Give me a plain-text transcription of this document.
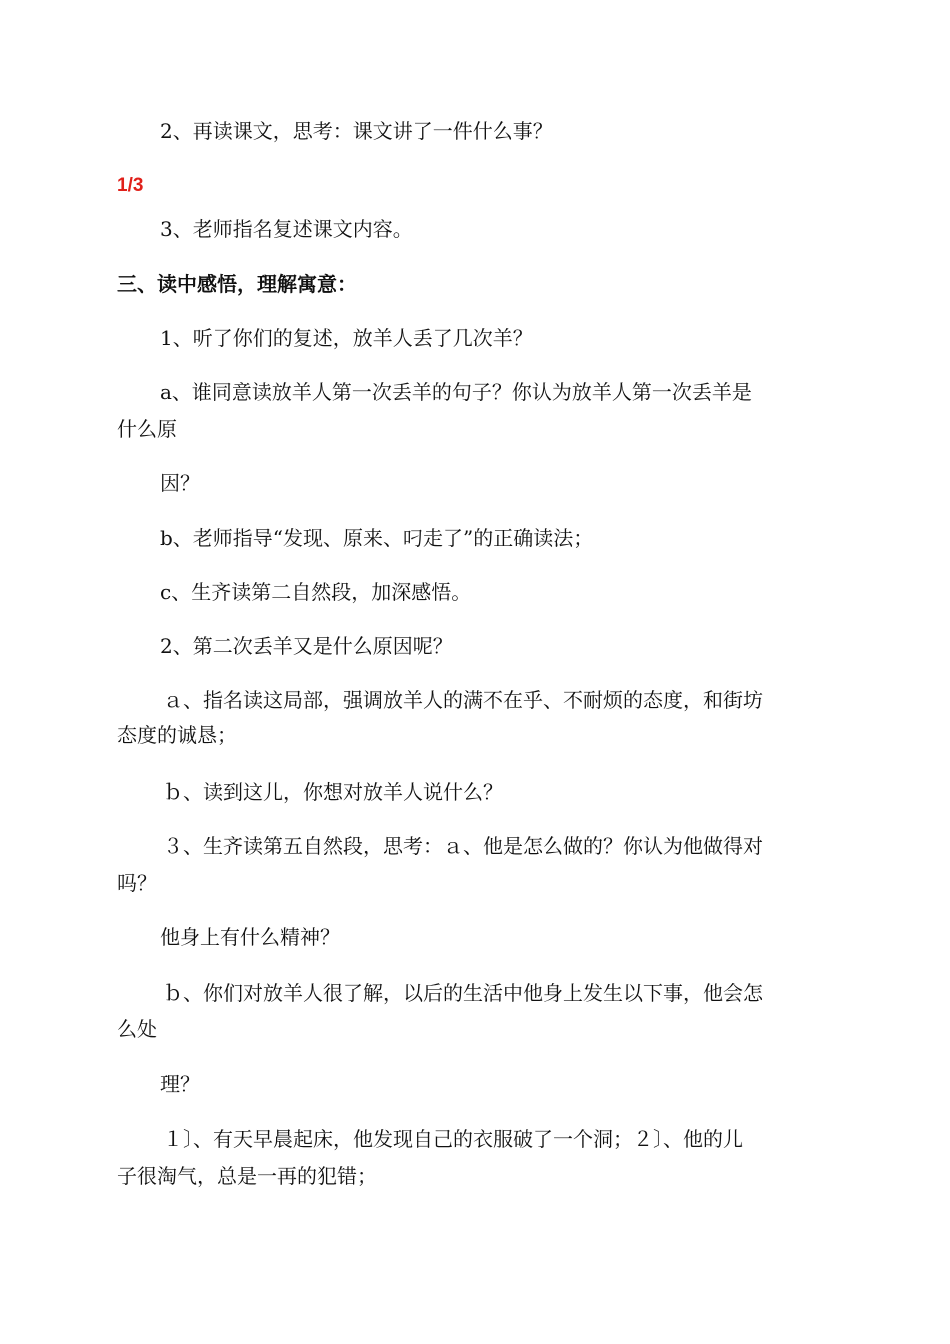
2、再读课文，思考：课文讲了一件什么事？
1/3
3、老师指名复述课文内容。
三、读中感悟，理解寓意：
1、听了你们的复述，放羊人丢了几次羊？
a、谁同意读放羊人第一次丢羊的句子？你认为放羊人第一次丢羊是
什么原
因？
b、老师指导“发现、原来、叼走了”的正确读法；
c、生齐读第二自然段，加深感悟。
2、第二次丢羊又是什么原因呢？
ａ、指名读这局部，强调放羊人的满不在乎、不耐烦的态度，和街坊
态度的诚恳；
ｂ、读到这儿，你想对放羊人说什么？
３、生齐读第五自然段，思考：ａ、他是怎么做的？你认为他做得对
吗？
他身上有什么精神？
ｂ、你们对放羊人很了解，以后的生活中他身上发生以下事，他会怎
么处
理？
１〕、有天早晨起床，他发现自己的衣服破了一个洞；２〕、他的儿
子很淘气，总是一再的犯错；
